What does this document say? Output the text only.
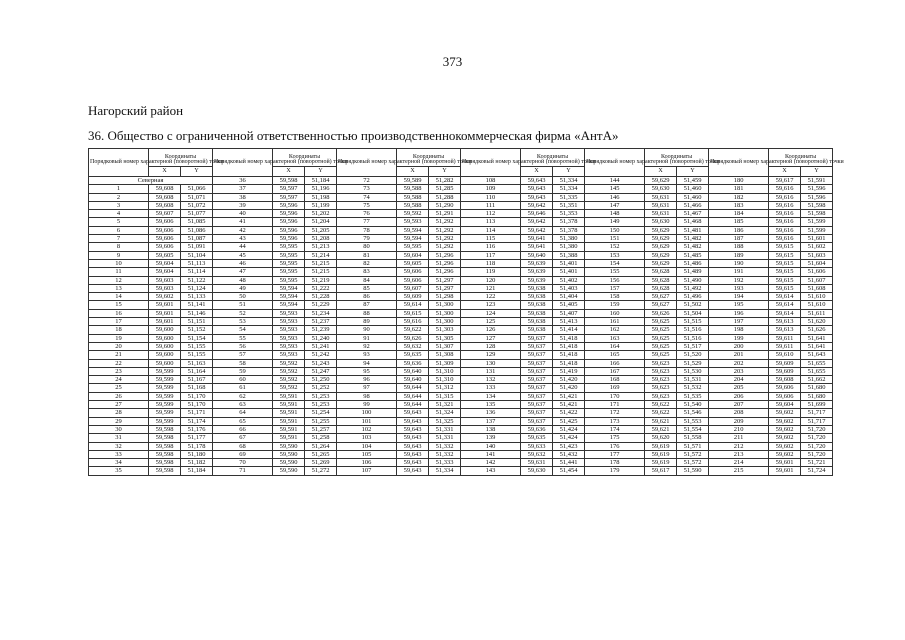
373
Нагорский район
36. Общество с ограниченной ответственностью производственнокоммерческая фирма «АнтА»
Порядковый номер характерной (поворотной) точки	Координаты		Порядковый номер характерной (поворотной) точки	Координаты		Порядковый номер характерной (поворотной) точки	Координаты		Порядковый номер характерной (поворотной) точки	Координаты		Порядковый номер характерной (поворотной) точки	Координаты		Порядковый номер характерной (поворотной) точки	Координаты	
	X	Y		X	Y		X	Y		X	Y		X	Y		X	Y
Северная			36	59,598	51,184	72	59,589	51,282	108	59,643	51,334	144	59,629	51,459	180	59,617	51,591
1	59,608	51,066	37	59,597	51,196	73	59,588	51,285	109	59,643	51,334	145	59,630	51,460	181	59,616	51,596
2	59,608	51,071	38	59,597	51,198	74	59,588	51,288	110	59,643	51,335	146	59,631	51,460	182	59,616	51,596
3	59,608	51,072	39	59,596	51,199	75	59,588	51,290	111	59,642	51,351	147	59,631	51,466	183	59,616	51,598
4	59,607	51,077	40	59,596	51,202	76	59,592	51,291	112	59,646	51,353	148	59,631	51,467	184	59,616	51,598
5	59,606	51,085	41	59,596	51,204	77	59,593	51,292	113	59,642	51,378	149	59,630	51,468	185	59,616	51,599
6	59,606	51,086	42	59,596	51,205	78	59,594	51,292	114	59,642	51,378	150	59,629	51,481	186	59,616	51,599
7	59,606	51,087	43	59,596	51,208	79	59,594	51,292	115	59,641	51,380	151	59,629	51,482	187	59,616	51,601
8	59,606	51,091	44	59,595	51,213	80	59,595	51,292	116	59,641	51,380	152	59,629	51,482	188	59,615	51,602
9	59,605	51,104	45	59,595	51,214	81	59,604	51,296	117	59,640	51,388	153	59,629	51,485	189	59,615	51,603
10	59,604	51,113	46	59,595	51,215	82	59,605	51,296	118	59,639	51,401	154	59,629	51,486	190	59,615	51,604
11	59,604	51,114	47	59,595	51,215	83	59,606	51,296	119	59,639	51,401	155	59,628	51,489	191	59,615	51,606
12	59,603	51,122	48	59,595	51,219	84	59,606	51,297	120	59,639	51,402	156	59,628	51,490	192	59,615	51,607
13	59,603	51,124	49	59,594	51,222	85	59,607	51,297	121	59,638	51,403	157	59,628	51,492	193	59,615	51,608
14	59,602	51,133	50	59,594	51,228	86	59,609	51,298	122	59,638	51,404	158	59,627	51,496	194	59,614	51,610
15	59,601	51,141	51	59,594	51,229	87	59,614	51,300	123	59,638	51,405	159	59,627	51,502	195	59,614	51,610
16	59,601	51,146	52	59,593	51,234	88	59,615	51,300	124	59,638	51,407	160	59,626	51,504	196	59,614	51,611
17	59,601	51,151	53	59,593	51,237	89	59,616	51,300	125	59,638	51,413	161	59,625	51,515	197	59,613	51,620
18	59,600	51,152	54	59,593	51,239	90	59,622	51,303	126	59,638	51,414	162	59,625	51,516	198	59,613	51,626
19	59,600	51,154	55	59,593	51,240	91	59,626	51,305	127	59,637	51,418	163	59,625	51,516	199	59,611	51,641
20	59,600	51,155	56	59,593	51,241	92	59,632	51,307	128	59,637	51,418	164	59,625	51,517	200	59,611	51,641
21	59,600	51,155	57	59,593	51,242	93	59,635	51,308	129	59,637	51,418	165	59,625	51,520	201	59,610	51,643
22	59,600	51,163	58	59,592	51,243	94	59,636	51,309	130	59,637	51,418	166	59,623	51,529	202	59,609	51,655
23	59,599	51,164	59	59,592	51,247	95	59,640	51,310	131	59,637	51,419	167	59,623	51,530	203	59,609	51,655
24	59,599	51,167	60	59,592	51,250	96	59,640	51,310	132	59,637	51,420	168	59,623	51,531	204	59,608	51,662
25	59,599	51,168	61	59,592	51,252	97	59,644	51,312	133	59,637	51,420	169	59,623	51,532	205	59,606	51,680
26	59,599	51,170	62	59,591	51,253	98	59,644	51,315	134	59,637	51,421	170	59,623	51,535	206	59,606	51,680
27	59,599	51,170	63	59,591	51,253	99	59,644	51,321	135	59,637	51,421	171	59,622	51,540	207	59,604	51,699
28	59,599	51,171	64	59,591	51,254	100	59,643	51,324	136	59,637	51,422	172	59,622	51,546	208	59,602	51,717
29	59,599	51,174	65	59,591	51,255	101	59,643	51,325	137	59,637	51,425	173	59,621	51,553	209	59,602	51,717
30	59,598	51,176	66	59,591	51,257	102	59,643	51,331	138	59,636	51,424	174	59,621	51,554	210	59,602	51,720
31	59,598	51,177	67	59,591	51,258	103	59,643	51,331	139	59,635	51,424	175	59,620	51,558	211	59,602	51,720
32	59,598	51,178	68	59,590	51,264	104	59,643	51,332	140	59,633	51,423	176	59,619	51,571	212	59,602	51,720
33	59,598	51,180	69	59,590	51,265	105	59,643	51,332	141	59,632	51,432	177	59,619	51,572	213	59,602	51,720
34	59,598	51,182	70	59,590	51,269	106	59,643	51,333	142	59,631	51,441	178	59,619	51,572	214	59,601	51,721
35	59,598	51,184	71	59,590	51,272	107	59,643	51,334	143	59,630	51,454	179	59,617	51,590	215	59,601	51,724
